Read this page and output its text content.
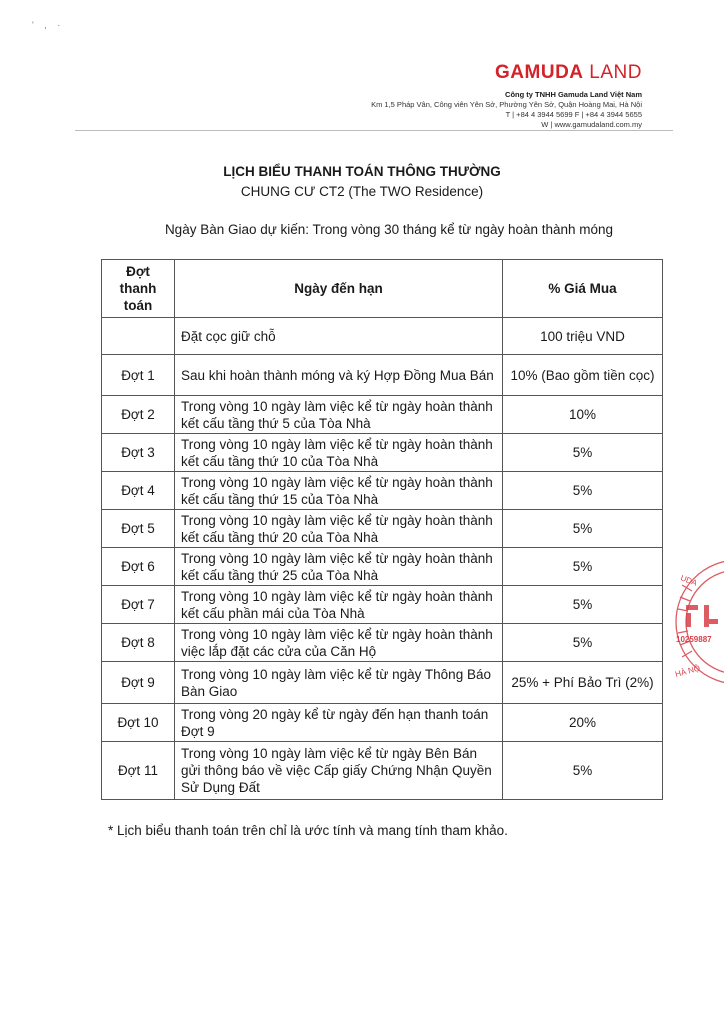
' , ·
GAMUDA LAND
Công ty TNHH Gamuda Land Việt Nam
Km 1,5 Pháp Vân, Công viên Yên Sở, Phường Yên Sở, Quận Hoàng Mai, Hà Nội
T | +84 4 3944 5699 F | +84 4 3944 5655
W | www.gamudaland.com.my
LỊCH BIỂU THANH TOÁN THÔNG THƯỜNG
CHUNG CƯ CT2 (The TWO Residence)
Ngày Bàn Giao dự kiến: Trong vòng 30 tháng kể từ ngày hoàn thành móng
Đợt thanh toán	Ngày đến hạn	% Giá Mua
	Đặt cọc giữ chỗ	100 triệu VND
Đợt 1	Sau khi hoàn thành móng và ký Hợp Đồng Mua Bán	10% (Bao gồm tiền cọc)
Đợt 2	Trong vòng 10 ngày làm việc kể từ ngày hoàn thành kết cấu tầng thứ 5 của Tòa Nhà	10%
Đợt 3	Trong vòng 10 ngày làm việc kể từ ngày hoàn thành kết cấu tầng thứ 10 của Tòa Nhà	5%
Đợt 4	Trong vòng 10 ngày làm việc kể từ ngày hoàn thành kết cấu tầng thứ 15 của Tòa Nhà	5%
Đợt 5	Trong vòng 10 ngày làm việc kể từ ngày hoàn thành kết cấu tầng thứ 20 của Tòa Nhà	5%
Đợt 6	Trong vòng 10 ngày làm việc kể từ ngày hoàn thành kết cấu tầng thứ 25 của Tòa Nhà	5%
Đợt 7	Trong vòng 10 ngày làm việc kể từ ngày hoàn thành kết cấu phần mái của Tòa Nhà	5%
Đợt 8	Trong vòng 10 ngày làm việc kể từ ngày hoàn thành việc lắp đặt các cửa của Căn Hộ	5%
Đợt 9	Trong vòng 10 ngày làm việc kể từ ngày Thông Báo Bàn Giao	25% + Phí Bảo Trì (2%)
Đợt 10	Trong vòng 20 ngày kể từ ngày đến hạn thanh toán Đợt 9	20%
Đợt 11	Trong vòng 10 ngày làm việc kể từ ngày Bên Bán gửi thông báo về việc Cấp giấy Chứng Nhận Quyền Sử Dụng Đất	5%
* Lịch biểu thanh toán trên chỉ là ước tính và mang tính tham khảo.
UDA
10259887
HÀ NỘ
